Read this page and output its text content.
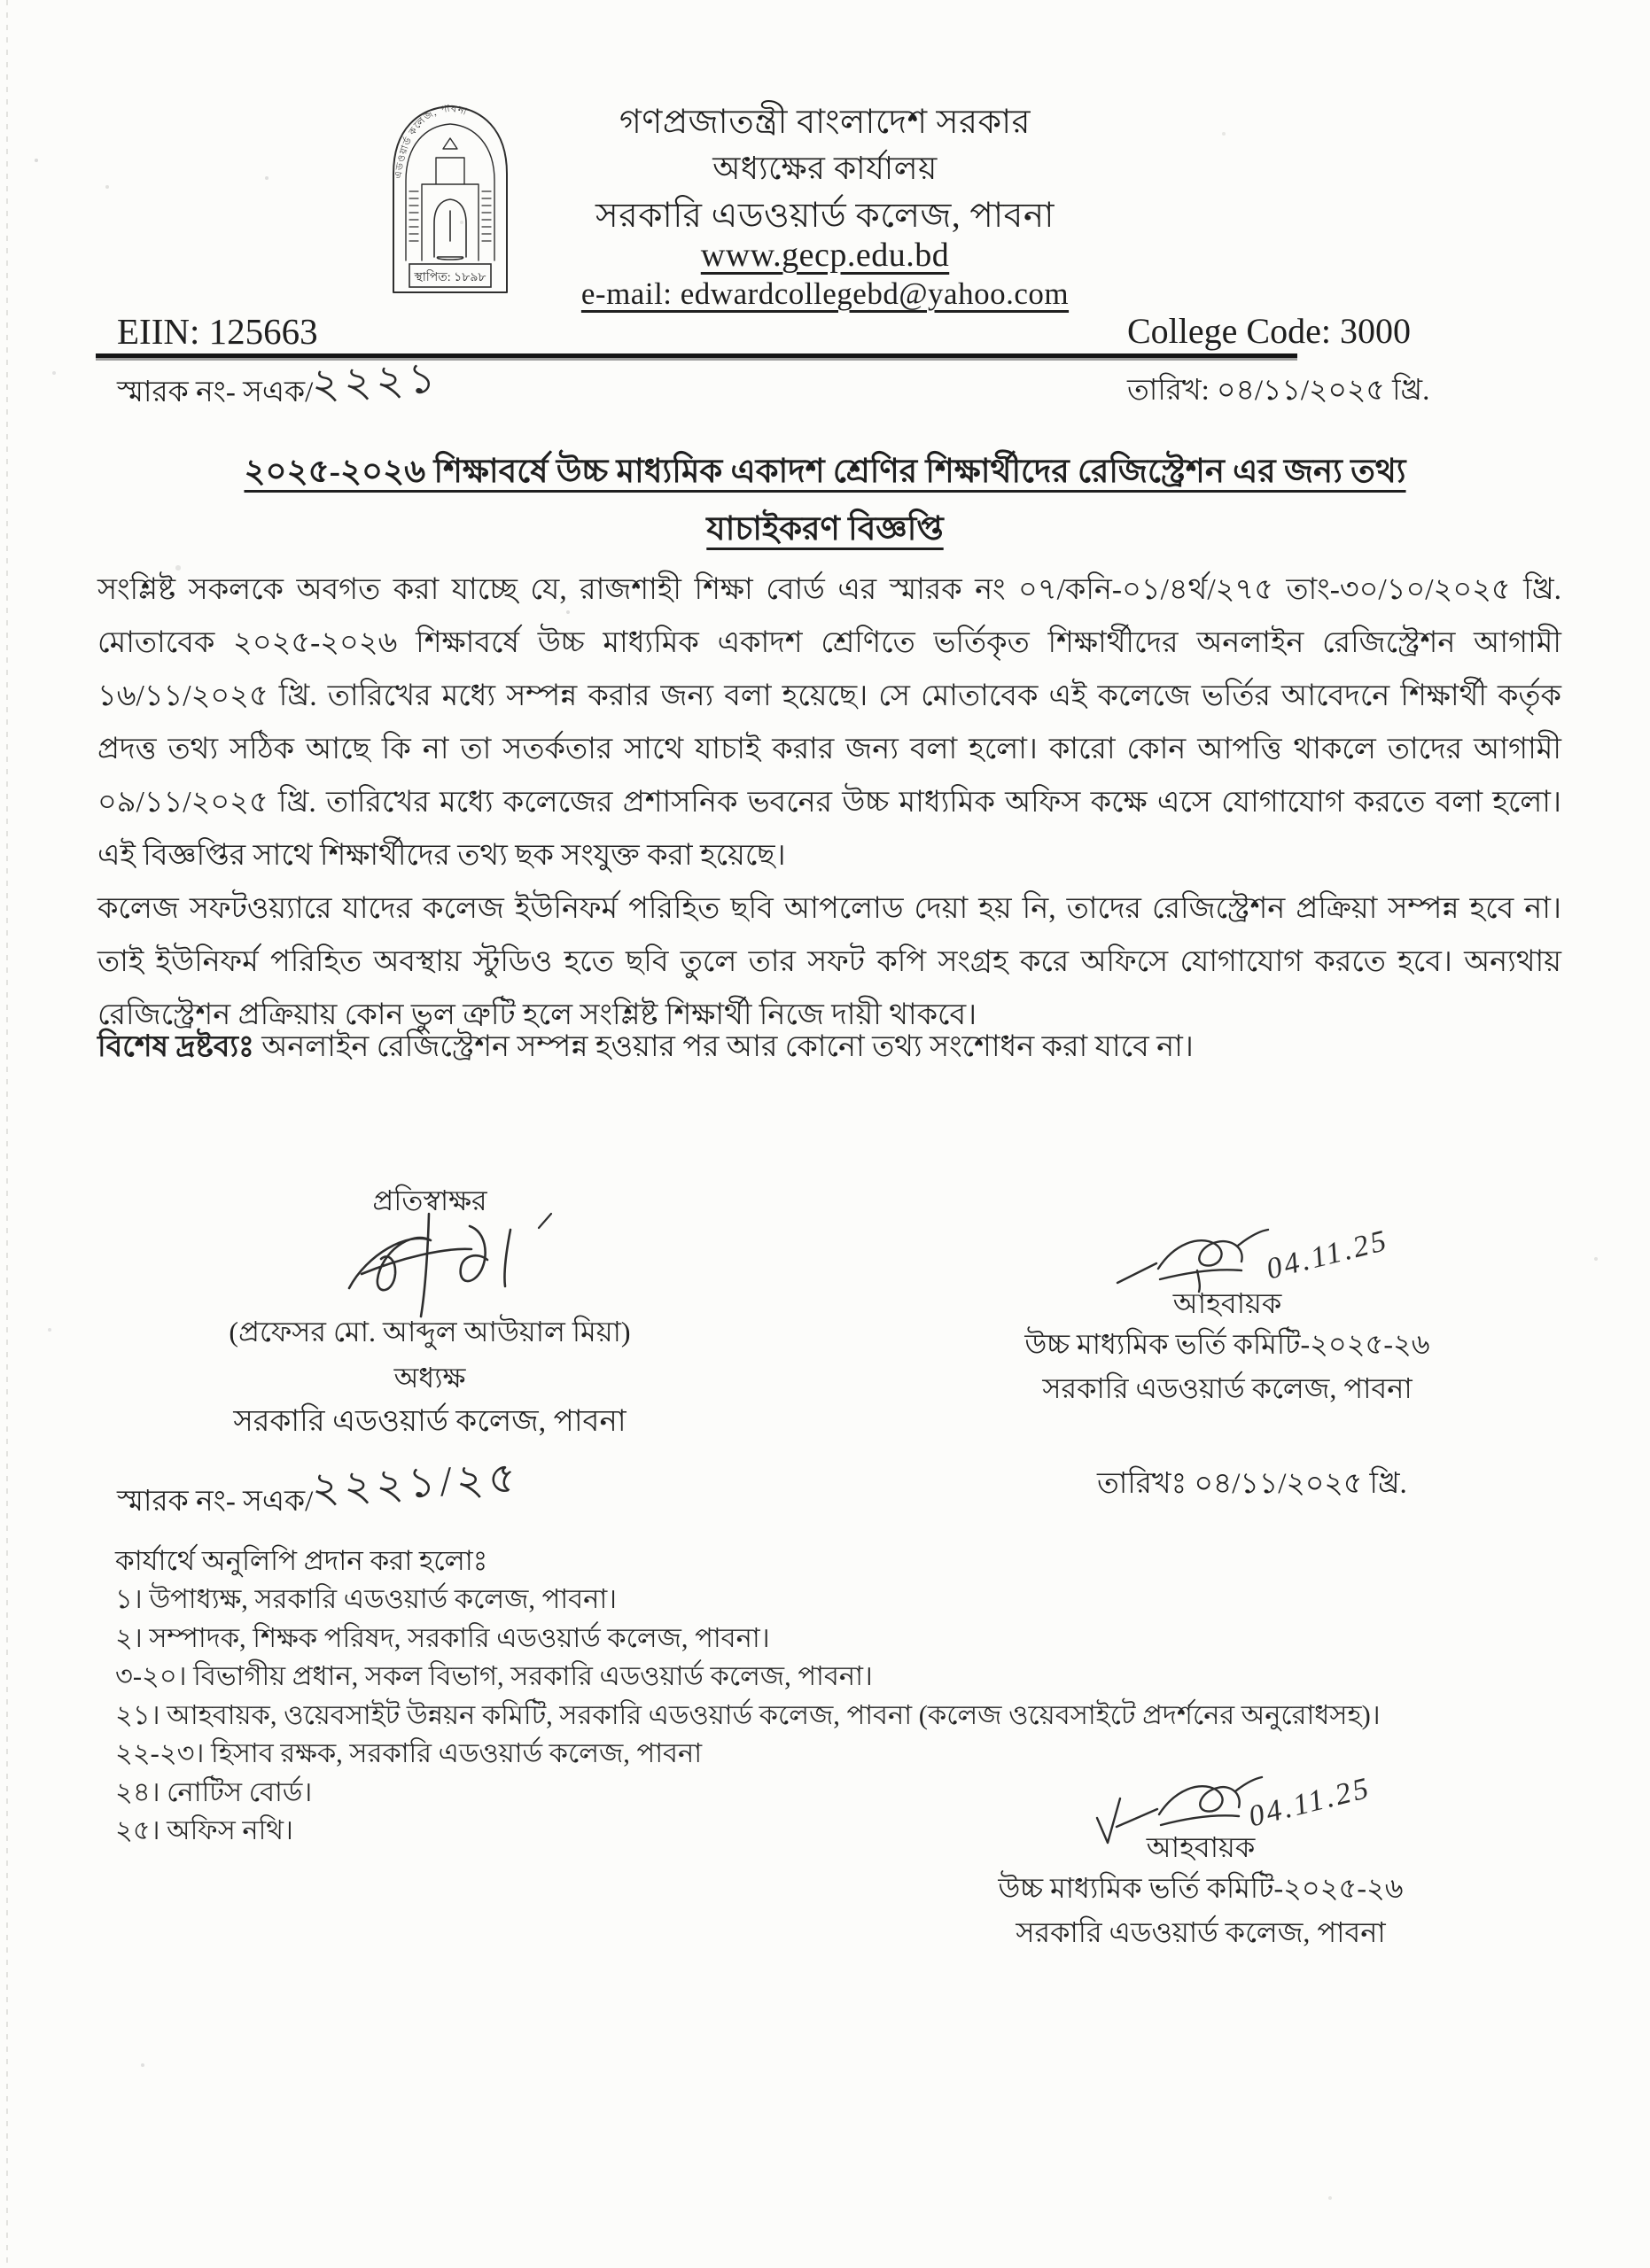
এডওয়ার্ড কলেজ, পাবনা
স্থাপিত: ১৮৯৮
গণপ্রজাতন্ত্রী বাংলাদেশ সরকার
অধ্যক্ষের কার্যালয়
সরকারি এডওয়ার্ড কলেজ, পাবনা
www.gecp.edu.bd
e-mail: edwardcollegebd@yahoo.com
EIIN: 125663	College Code: 3000
স্মারক নং- সএক/
২২২১	তারিখ: ০৪/১১/২০২৫ খ্রি.
২০২৫-২০২৬ শিক্ষাবর্ষে উচ্চ মাধ্যমিক একাদশ শ্রেণির শিক্ষার্থীদের রেজিস্ট্রেশন এর জন্য তথ্য
যাচাইকরণ বিজ্ঞপ্তি
সংশ্লিষ্ট সকলকে অবগত করা যাচ্ছে যে, রাজশাহী শিক্ষা বোর্ড এর স্মারক নং ০৭/কনি-০১/৪র্থ/২৭৫ তাং-৩০/১০/২০২৫ খ্রি. মোতাবেক ২০২৫-২০২৬ শিক্ষাবর্ষে উচ্চ মাধ্যমিক একাদশ শ্রেণিতে ভর্তিকৃত শিক্ষার্থীদের অনলাইন রেজিস্ট্রেশন আগামী ১৬/১১/২০২৫ খ্রি. তারিখের মধ্যে সম্পন্ন করার জন্য বলা হয়েছে। সে মোতাবেক এই কলেজে ভর্তির আবেদনে শিক্ষার্থী কর্তৃক প্রদত্ত তথ্য সঠিক আছে কি না তা সতর্কতার সাথে যাচাই করার জন্য বলা হলো। কারো কোন আপত্তি থাকলে তাদের আগামী ০৯/১১/২০২৫ খ্রি. তারিখের মধ্যে কলেজের প্রশাসনিক ভবনের উচ্চ মাধ্যমিক অফিস কক্ষে এসে যোগাযোগ করতে বলা হলো। এই বিজ্ঞপ্তির সাথে শিক্ষার্থীদের তথ্য ছক সংযুক্ত করা হয়েছে।
কলেজ সফটওয়্যারে যাদের কলেজ ইউনিফর্ম পরিহিত ছবি আপলোড দেয়া হয় নি, তাদের রেজিস্ট্রেশন প্রক্রিয়া সম্পন্ন হবে না। তাই ইউনিফর্ম পরিহিত অবস্থায় স্টুডিও হতে ছবি তুলে তার সফট কপি সংগ্রহ করে অফিসে যোগাযোগ করতে হবে। অন্যথায় রেজিস্ট্রেশন প্রক্রিয়ায় কোন ভুল ত্রুটি হলে সংশ্লিষ্ট শিক্ষার্থী নিজে দায়ী থাকবে।
বিশেষ দ্রষ্টব্যঃ অনলাইন রেজিস্ট্রেশন সম্পন্ন হওয়ার পর আর কোনো তথ্য সংশোধন করা যাবে না।
প্রতিস্বাক্ষর
(প্রফেসর মো. আব্দুল আউয়াল মিয়া)
অধ্যক্ষ
সরকারি এডওয়ার্ড কলেজ, পাবনা
04.11.25
আহবায়ক
উচ্চ মাধ্যমিক ভর্তি কমিটি-২০২৫-২৬
সরকারি এডওয়ার্ড কলেজ, পাবনা
তারিখঃ ০৪/১১/২০২৫ খ্রি.
স্মারক নং- সএক/
২২২১/২৫
কার্যার্থে অনুলিপি প্রদান করা হলোঃ
১। উপাধ্যক্ষ, সরকারি এডওয়ার্ড কলেজ, পাবনা।
২। সম্পাদক, শিক্ষক পরিষদ, সরকারি এডওয়ার্ড কলেজ, পাবনা।
৩-২০। বিভাগীয় প্রধান, সকল বিভাগ, সরকারি এডওয়ার্ড কলেজ, পাবনা।
২১। আহবায়ক, ওয়েবসাইট উন্নয়ন কমিটি, সরকারি এডওয়ার্ড কলেজ, পাবনা (কলেজ ওয়েবসাইটে প্রদর্শনের অনুরোধসহ)।
২২-২৩। হিসাব রক্ষক, সরকারি এডওয়ার্ড কলেজ, পাবনা
২৪। নোটিস বোর্ড।
২৫। অফিস নথি।	04.11.25
আহবায়ক
উচ্চ মাধ্যমিক ভর্তি কমিটি-২০২৫-২৬
সরকারি এডওয়ার্ড কলেজ, পাবনা
